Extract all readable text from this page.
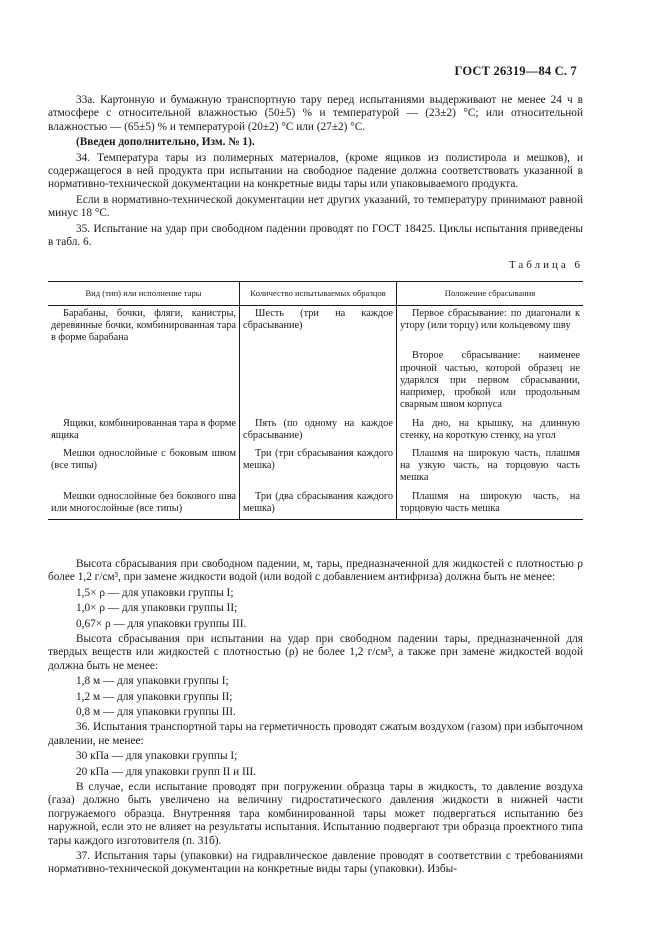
ГОСТ 26319—84 С. 7

33а. Картонную и бумажную транспортную тару перед испытаниями выдерживают не менее 24 ч в атмосфере с относительной влажностью (50±5) % и температурой — (23±2) °С; или относительной влажностью — (65±5) % и температурой (20±2) °С или (27±2) °С.

(Введен дополнительно, Изм. № 1).

34. Температура тары из полимерных материалов, (кроме ящиков из полистирола и мешков), и содержащегося в ней продукта при испытании на свободное падение должна соответствовать указанной в нормативно-технической документации на конкретные виды тары или упаковываемого продукта.

Если в нормативно-технической документации нет других указаний, то температуру принимают равной минус 18 °С.

35. Испытание на удар при свободном падении проводят по ГОСТ 18425. Циклы испытания приведены в табл. 6.

Таблица 6
Вид (тип) или исполнение тары	Количество испытываемых образцов	Положение сбрасывания
Барабаны, бочки, фляги, канистры, деревянные бочки, комбинированная тара в форме барабана	Шесть (три на каждое сбрасывание)	Первое сбрасывание: по диагонали к утору (или торцу) или кольцевому шву
		Второе сбрасывание: наименее прочной частью, которой образец не ударялся при первом сбрасывании, например, пробкой или продольным сварным швом корпуса
Ящики, комбинированная тара в форме ящика	Пять (по одному на каждое сбрасывание)	На дно, на крышку, на длинную стенку, на короткую стенку, на угол
Мешки однослойные с боковым швом (все типы)	Три (три сбрасывания каждого мешка)	Плашмя на широкую часть, плашмя на узкую часть, на торцовую часть мешка
Мешки однослойные без бокового шва или многослойные (все типы)	Три (два сбрасывания каждого мешка)	Плашмя на широкую часть, на торцовую часть мешка

Высота сбрасывания при свободном падении, м, тары, предназначенной для жидкостей с плотностью ρ более 1,2 г/см³, при замене жидкости водой (или водой с добавлением антифриза) должна быть не менее:

1,5× ρ — для упаковки группы I;

1,0× ρ — для упаковки группы II;

0,67× ρ — для упаковки группы III.

Высота сбрасывания при испытании на удар при свободном падении тары, предназначенной для твердых веществ или жидкостей с плотностью (ρ) не более 1,2 г/см³, а также при замене жидкостей водой должна быть не менее:

1,8 м — для упаковки группы I;

1,2 м — для упаковки группы II;

0,8 м — для упаковки группы III.

36. Испытания транспортной тары на герметичность проводят сжатым воздухом (газом) при избыточном давлении, не менее:

30 кПа — для упаковки группы I;

20 кПа — для упаковки групп II и III.

В случае, если испытание проводят при погружении образца тары в жидкость, то давление воздуха (газа) должно быть увеличено на величину гидростатического давления жидкости в нижней части погружаемого образца. Внутренняя тара комбинированной тары может подвергаться испытанию без наружной, если это не влияет на результаты испытания. Испытанию подвергают три образца проектного типа тары каждого изготовителя (п. 31б).

37. Испытания тары (упаковки) на гидравлическое давление проводят в соответствии с требованиями нормативно-технической документации на конкретные виды тары (упаковки). Избы-
